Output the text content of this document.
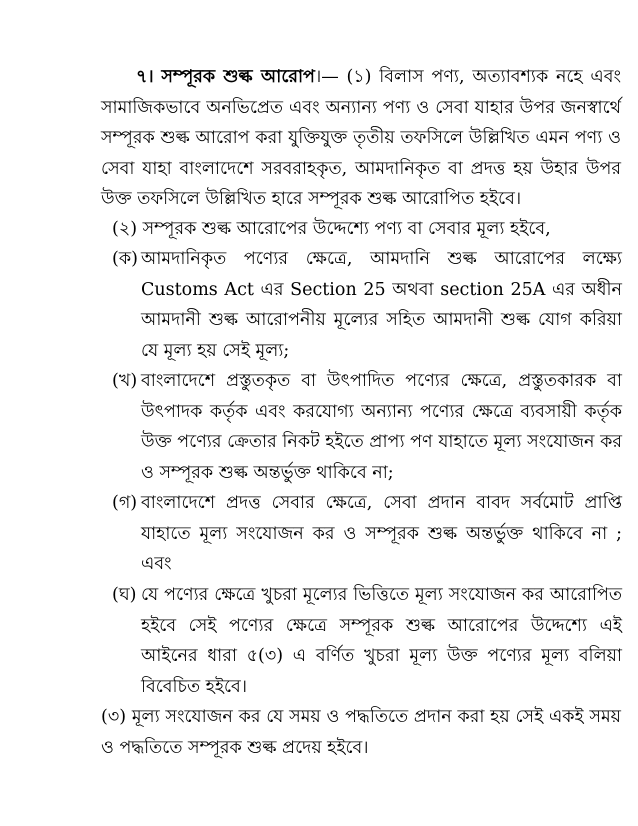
৭। সম্পূরক শুল্ক আরোপ।— (১) বিলাস পণ্য, অত্যাবশ্যক নহে এবং সামাজিকভাবে অনভিপ্রেত এবং অন্যান্য পণ্য ও সেবা যাহার উপর জনস্বার্থে সম্পূরক শুল্ক আরোপ করা যুক্তিযুক্ত তৃতীয় তফসিলে উল্লিখিত এমন পণ্য ও সেবা যাহা বাংলাদেশে সরবরাহকৃত, আমদানিকৃত বা প্রদত্ত হয় উহার উপর উক্ত তফসিলে উল্লিখিত হারে সম্পূরক শুল্ক আরোপিত হইবে।
(২) সম্পূরক শুল্ক আরোপের উদ্দেশ্যে পণ্য বা সেবার মূল্য হইবে,
(ক) আমদানিকৃত পণ্যের ক্ষেত্রে, আমদানি শুল্ক আরোপের লক্ষ্যে Customs Act এর Section 25 অথবা section 25A এর অধীন আমদানী শুল্ক আরোপনীয় মূল্যের সহিত আমদানী শুল্ক যোগ করিয়া যে মূল্য হয় সেই মূল্য;
(খ) বাংলাদেশে প্রস্তুতকৃত বা উৎপাদিত পণ্যের ক্ষেত্রে, প্রস্তুতকারক বা উৎপাদক কর্তৃক এবং করযোগ্য অন্যান্য পণ্যের ক্ষেত্রে ব্যবসায়ী কর্তৃক উক্ত পণ্যের ক্রেতার নিকট হইতে প্রাপ্য পণ যাহাতে মূল্য সংযোজন কর ও সম্পূরক শুল্ক অন্তর্ভুক্ত থাকিবে না;
(গ) বাংলাদেশে প্রদত্ত সেবার ক্ষেত্রে, সেবা প্রদান বাবদ সর্বমোট প্রাপ্তি যাহাতে মূল্য সংযোজন কর ও সম্পূরক শুল্ক অন্তর্ভুক্ত থাকিবে না ; এবং
(ঘ) যে পণ্যের ক্ষেত্রে খুচরা মূল্যের ভিত্তিতে মূল্য সংযোজন কর আরোপিত হইবে সেই পণ্যের ক্ষেত্রে সম্পূরক শুল্ক আরোপের উদ্দেশ্যে এই আইনের ধারা ৫(৩) এ বর্ণিত খুচরা মূল্য উক্ত পণ্যের মূল্য বলিয়া বিবেচিত হইবে।
(৩) মূল্য সংযোজন কর যে সময় ও পদ্ধতিতে প্রদান করা হয় সেই একই সময় ও পদ্ধতিতে সম্পূরক শুল্ক প্রদেয় হইবে।
